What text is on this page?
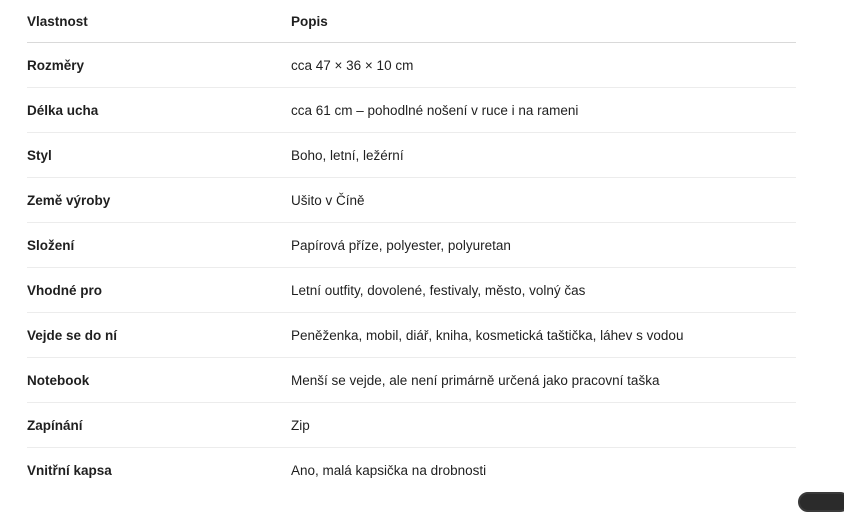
Vlastnost	Popis
Rozměry	cca 47 × 36 × 10 cm
Délka ucha	cca 61 cm – pohodlné nošení v ruce i na rameni
Styl	Boho, letní, ležérní
Země výroby	Ušito v Číně
Složení	Papírová příze, polyester, polyuretan
Vhodné pro	Letní outfity, dovolené, festivaly, město, volný čas
Vejde se do ní	Peněženka, mobil, diář, kniha, kosmetická taštička, láhev s vodou
Notebook	Menší se vejde, ale není primárně určená jako pracovní taška
Zapínání	Zip
Vnitřní kapsa	Ano, malá kapsička na drobnosti
